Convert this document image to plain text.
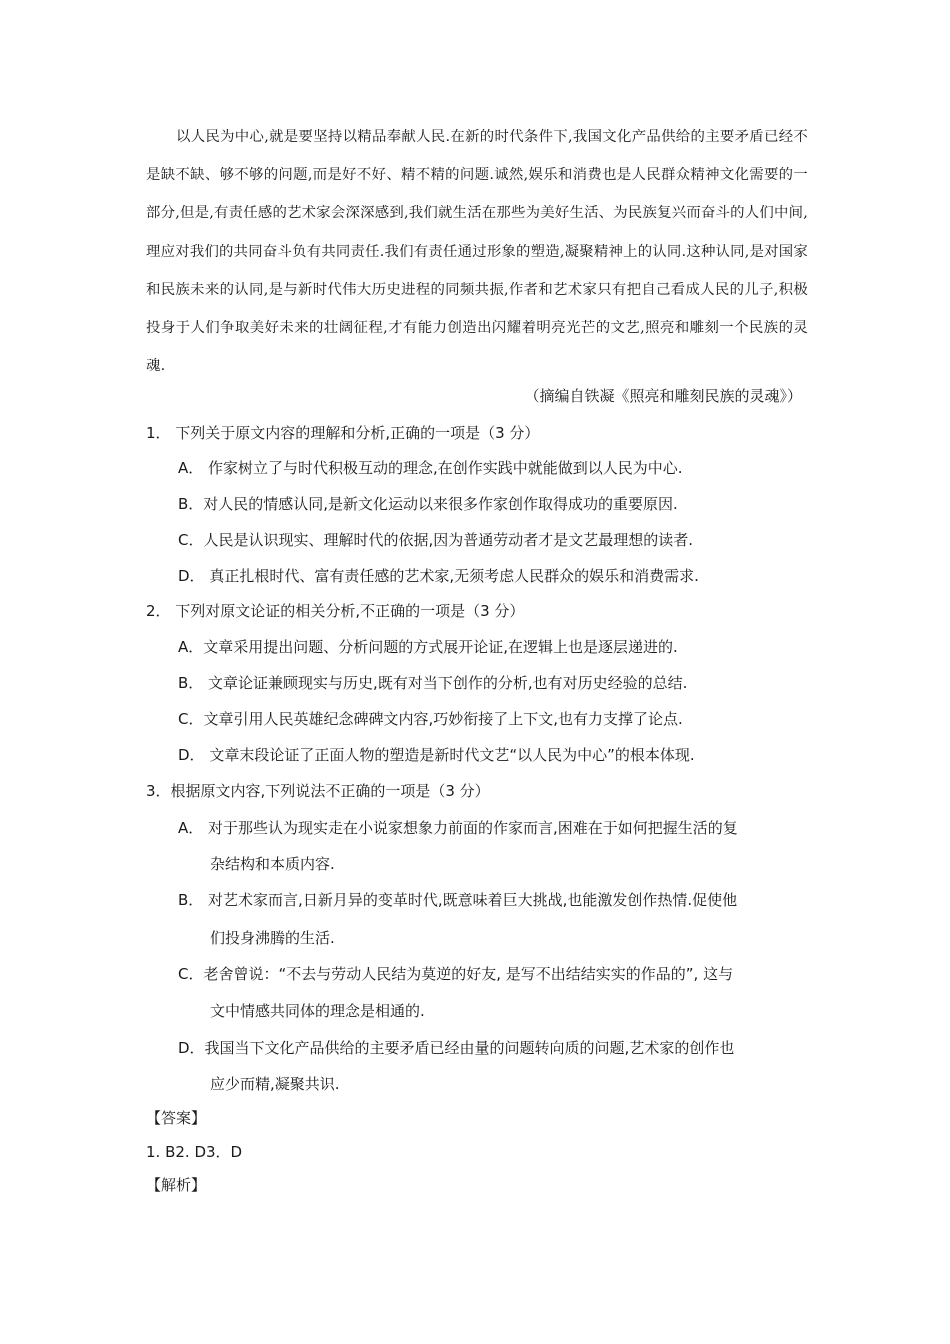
以人民为中心,就是要坚持以精品奉献人民.在新的时代条件下,我国文化产品供给的主要矛盾已经不是缺不缺、够不够的问题,而是好不好、精不精的问题.诚然,娱乐和消费也是人民群众精神文化需要的一部分,但是,有责任感的艺术家会深深感到,我们就生活在那些为美好生活、为民族复兴而奋斗的人们中间,理应对我们的共同奋斗负有共同责任.我们有责任通过形象的塑造,凝聚精神上的认同.这种认同,是对国家和民族未来的认同,是与新时代伟大历史进程的同频共振,作者和艺术家只有把自己看成人民的儿子,积极投身于人们争取美好未来的壮阔征程,才有能力创造出闪耀着明亮光芒的文艺,照亮和雕刻一个民族的灵魂.

（摘编自铁凝《照亮和雕刻民族的灵魂》）
1． 下列关于原文内容的理解和分析,正确的一项是（3 分）
A． 作家树立了与时代积极互动的理念,在创作实践中就能做到以人民为中心.
B．对人民的情感认同,是新文化运动以来很多作家创作取得成功的重要原因.
C．人民是认识现实、理解时代的依据,因为普通劳动者才是文艺最理想的读者.
D． 真正扎根时代、富有责任感的艺术家,无须考虑人民群众的娱乐和消费需求.
2． 下列对原文论证的相关分析,不正确的一项是（3 分）
A．文章采用提出问题、分析问题的方式展开论证,在逻辑上也是逐层递进的.
B． 文章论证兼顾现实与历史,既有对当下创作的分析,也有对历史经验的总结.
C．文章引用人民英雄纪念碑碑文内容,巧妙衔接了上下文,也有力支撑了论点.
D． 文章末段论证了正面人物的塑造是新时代文艺“以人民为中心”的根本体现.
3．根据原文内容,下列说法不正确的一项是（3 分）
A． 对于那些认为现实走在小说家想象力前面的作家而言,困难在于如何把握生活的复
杂结构和本质内容.
B． 对艺术家而言,日新月异的变革时代,既意味着巨大挑战,也能激发创作热情.促使他
们投身沸腾的生活.
C．老舍曾说：“不去与劳动人民结为莫逆的好友, 是写不出结结实实的作品的”, 这与
文中情感共同体的理念是相通的.
D．我国当下文化产品供给的主要矛盾已经由量的问题转向质的问题,艺术家的创作也
应少而精,凝聚共识.
【答案】
1. B2. D3．D
【解析】
